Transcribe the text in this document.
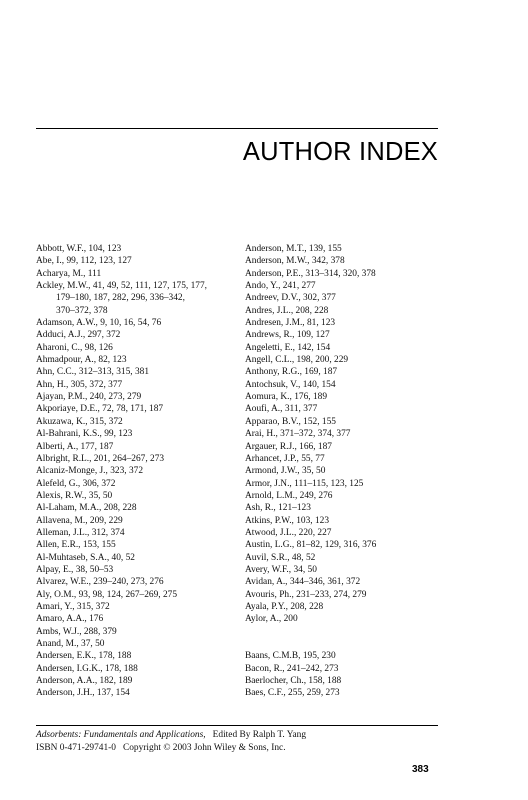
AUTHOR INDEX
Abbott, W.F., 104, 123
Abe, I., 99, 112, 123, 127
Acharya, M., 111
Ackley, M.W., 41, 49, 52, 111, 127, 175, 177,
179–180, 187, 282, 296, 336–342,
370–372, 378
Adamson, A.W., 9, 10, 16, 54, 76
Adduci, A.J., 297, 372
Aharoni, C., 98, 126
Ahmadpour, A., 82, 123
Ahn, C.C., 312–313, 315, 381
Ahn, H., 305, 372, 377
Ajayan, P.M., 240, 273, 279
Akporiaye, D.E., 72, 78, 171, 187
Akuzawa, K., 315, 372
Al-Bahrani, K.S., 99, 123
Alberti, A., 177, 187
Albright, R.L., 201, 264–267, 273
Alcaniz-Monge, J., 323, 372
Alefeld, G., 306, 372
Alexis, R.W., 35, 50
Al-Laham, M.A., 208, 228
Allavena, M., 209, 229
Alleman, J.L., 312, 374
Allen, E.R., 153, 155
Al-Muhtaseb, S.A., 40, 52
Alpay, E., 38, 50–53
Alvarez, W.E., 239–240, 273, 276
Aly, O.M., 93, 98, 124, 267–269, 275
Amari, Y., 315, 372
Amaro, A.A., 176
Ambs, W.J., 288, 379
Anand, M., 37, 50
Andersen, E.K., 178, 188
Andersen, I.G.K., 178, 188
Anderson, A.A., 182, 189
Anderson, J.H., 137, 154
Anderson, M.T., 139, 155
Anderson, M.W., 342, 378
Anderson, P.E., 313–314, 320, 378
Ando, Y., 241, 277
Andreev, D.V., 302, 377
Andres, J.L., 208, 228
Andresen, J.M., 81, 123
Andrews, R., 109, 127
Angeletti, E., 142, 154
Angell, C.L., 198, 200, 229
Anthony, R.G., 169, 187
Antochsuk, V., 140, 154
Aomura, K., 176, 189
Aoufi, A., 311, 377
Apparao, B.V., 152, 155
Arai, H., 371–372, 374, 377
Argauer, R.J., 166, 187
Arhancet, J.P., 55, 77
Armond, J.W., 35, 50
Armor, J.N., 111–115, 123, 125
Arnold, L.M., 249, 276
Ash, R., 121–123
Atkins, P.W., 103, 123
Atwood, J.L., 220, 227
Austin, L.G., 81–82, 129, 316, 376
Auvil, S.R., 48, 52
Avery, W.F., 34, 50
Avidan, A., 344–346, 361, 372
Avouris, Ph., 231–233, 274, 279
Ayala, P.Y., 208, 228
Aylor, A., 200
Baans, C.M.B, 195, 230
Bacon, R., 241–242, 273
Baerlocher, Ch., 158, 188
Baes, C.F., 255, 259, 273
Adsorbents: Fundamentals and Applications, Edited By Ralph T. Yang
ISBN 0-471-29741-0   Copyright © 2003 John Wiley & Sons, Inc.
383
